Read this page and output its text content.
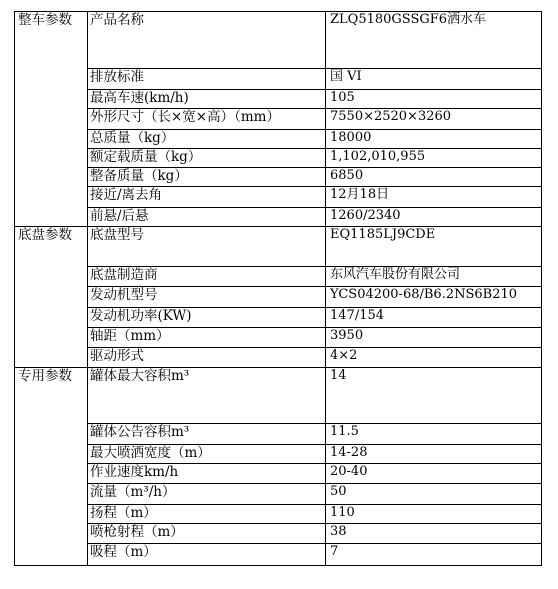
整车参数	产品名称	ZLQ5180GSSGF6洒水车
	排放标准	国 VI
	最高车速(km/h)	105
	外形尺寸（长×宽×高）（mm）	7550×2520×3260
	总质量（kg）	18000
	额定载质量（kg）	1,102,010,955
	整备质量（kg）	6850
	接近/离去角	12月18日
	前悬/后悬	1260/2340
底盘参数	底盘型号	EQ1185LJ9CDE
	底盘制造商	东风汽车股份有限公司
	发动机型号	YCS04200-68/B6.2NS6B210
	发动机功率(KW)	147/154
	轴距（mm）	3950
	驱动形式	4×2
专用参数	罐体最大容积m³	14
	罐体公告容积m³	11.5
	最大喷洒宽度（m）	14-28
	作业速度km/h	20-40
	流量（m³/h）	50
	扬程（m）	110
	喷枪射程（m）	38
	吸程（m）	7
